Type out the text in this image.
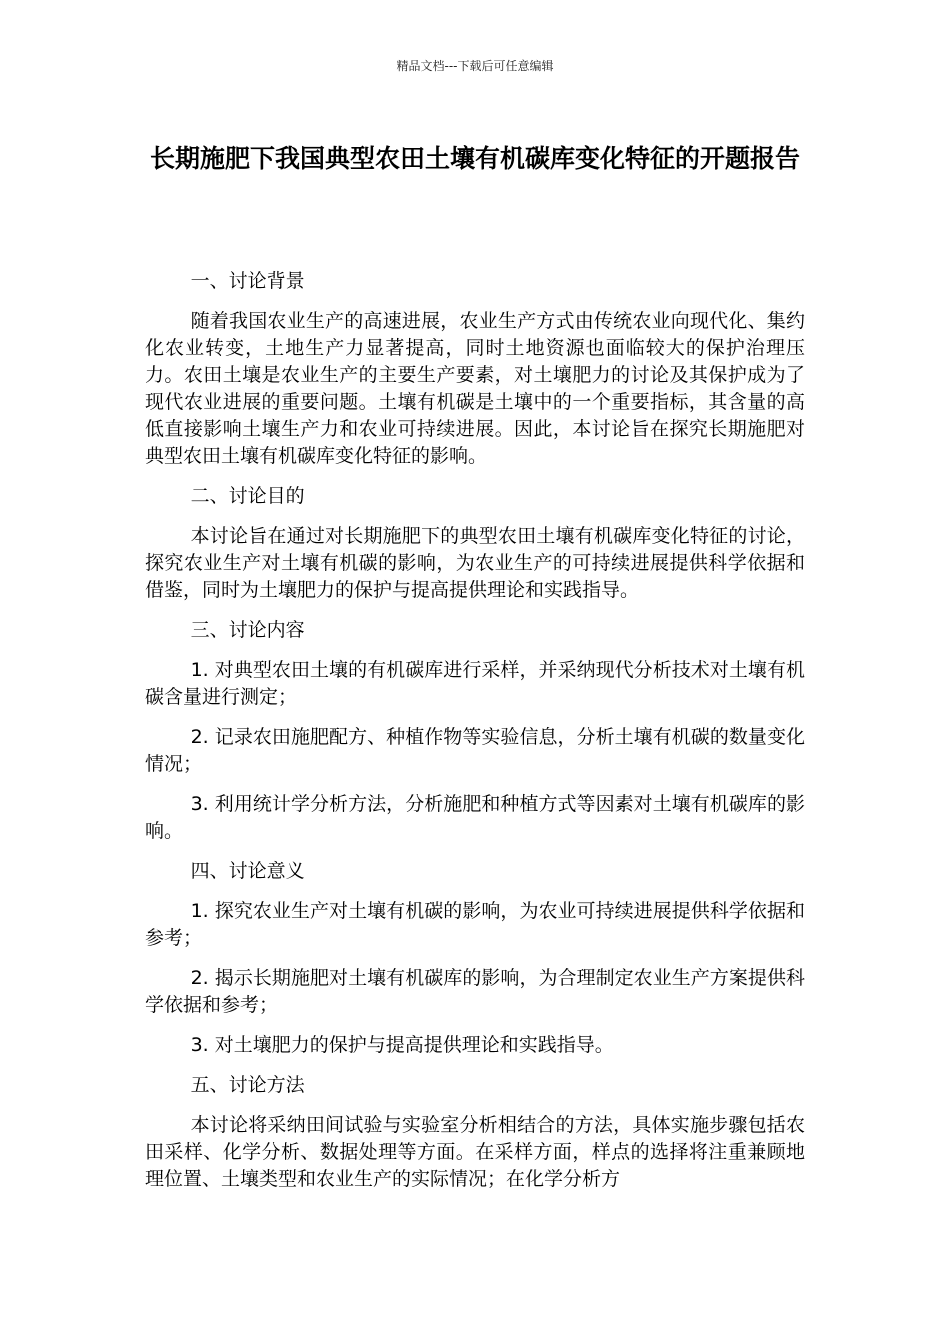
精品文档---下载后可任意编辑
长期施肥下我国典型农田土壤有机碳库变化特征的开题报告

一、讨论背景

随着我国农业生产的高速进展，农业生产方式由传统农业向现代化、集约化农业转变，土地生产力显著提高，同时土地资源也面临较大的保护治理压力。农田土壤是农业生产的主要生产要素，对土壤肥力的讨论及其保护成为了现代农业进展的重要问题。土壤有机碳是土壤中的一个重要指标，其含量的高低直接影响土壤生产力和农业可持续进展。因此，本讨论旨在探究长期施肥对典型农田土壤有机碳库变化特征的影响。

二、讨论目的

本讨论旨在通过对长期施肥下的典型农田土壤有机碳库变化特征的讨论，探究农业生产对土壤有机碳的影响，为农业生产的可持续进展提供科学依据和借鉴，同时为土壤肥力的保护与提高提供理论和实践指导。

三、讨论内容

1. 对典型农田土壤的有机碳库进行采样，并采纳现代分析技术对土壤有机碳含量进行测定；

2. 记录农田施肥配方、种植作物等实验信息，分析土壤有机碳的数量变化情况；

3. 利用统计学分析方法，分析施肥和种植方式等因素对土壤有机碳库的影响。

四、讨论意义

1. 探究农业生产对土壤有机碳的影响，为农业可持续进展提供科学依据和参考；

2. 揭示长期施肥对土壤有机碳库的影响，为合理制定农业生产方案提供科学依据和参考；

3. 对土壤肥力的保护与提高提供理论和实践指导。

五、讨论方法

本讨论将采纳田间试验与实验室分析相结合的方法，具体实施步骤包括农田采样、化学分析、数据处理等方面。在采样方面，样点的选择将注重兼顾地理位置、土壤类型和农业生产的实际情况；在化学分析方
